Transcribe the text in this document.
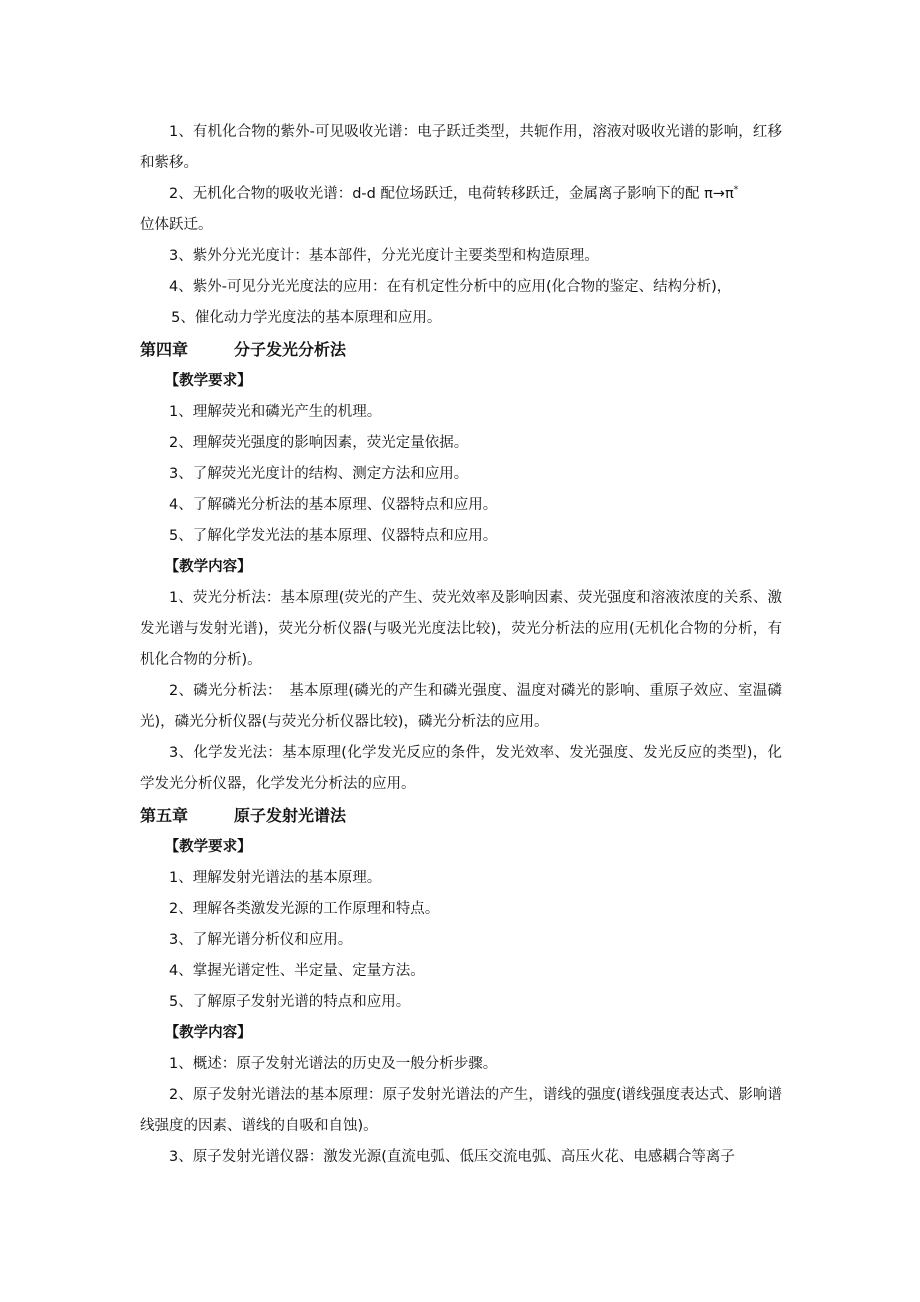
1、有机化合物的紫外-可见吸收光谱：电子跃迁类型，共轭作用，溶液对吸收光谱的影响，红移和紫移。

2、无机化合物的吸收光谱：d-d 配位场跃迁，电荷转移跃迁，金属离子影响下的配 π→π*

位体跃迁。

3、紫外分光光度计：基本部件，分光光度计主要类型和构造原理。

4、紫外-可见分光光度法的应用：在有机定性分析中的应用(化合物的鉴定、结构分析)，

5、催化动力学光度法的基本原理和应用。

第四章	分子发光分析法

【教学要求】

1、理解荧光和磷光产生的机理。

2、理解荧光强度的影响因素，荧光定量依据。

3、了解荧光光度计的结构、测定方法和应用。

4、了解磷光分析法的基本原理、仪器特点和应用。

5、了解化学发光法的基本原理、仪器特点和应用。

【教学内容】

1、荧光分析法：基本原理(荧光的产生、荧光效率及影响因素、荧光强度和溶液浓度的关系、激发光谱与发射光谱)，荧光分析仪器(与吸光光度法比较)，荧光分析法的应用(无机化合物的分析，有机化合物的分析)。

2、磷光分析法：　基本原理(磷光的产生和磷光强度、温度对磷光的影响、重原子效应、室温磷光)，磷光分析仪器(与荧光分析仪器比较)，磷光分析法的应用。

3、化学发光法：基本原理(化学发光反应的条件，发光效率、发光强度、发光反应的类型)，化学发光分析仪器，化学发光分析法的应用。

第五章	原子发射光谱法

【教学要求】

1、理解发射光谱法的基本原理。

2、理解各类激发光源的工作原理和特点。

3、了解光谱分析仪和应用。

4、掌握光谱定性、半定量、定量方法。

5、了解原子发射光谱的特点和应用。

【教学内容】

1、概述：原子发射光谱法的历史及一般分析步骤。

2、原子发射光谱法的基本原理：原子发射光谱法的产生，谱线的强度(谱线强度表达式、影响谱线强度的因素、谱线的自吸和自蚀)。

3、原子发射光谱仪器：激发光源(直流电弧、低压交流电弧、高压火花、电感耦合等离子
